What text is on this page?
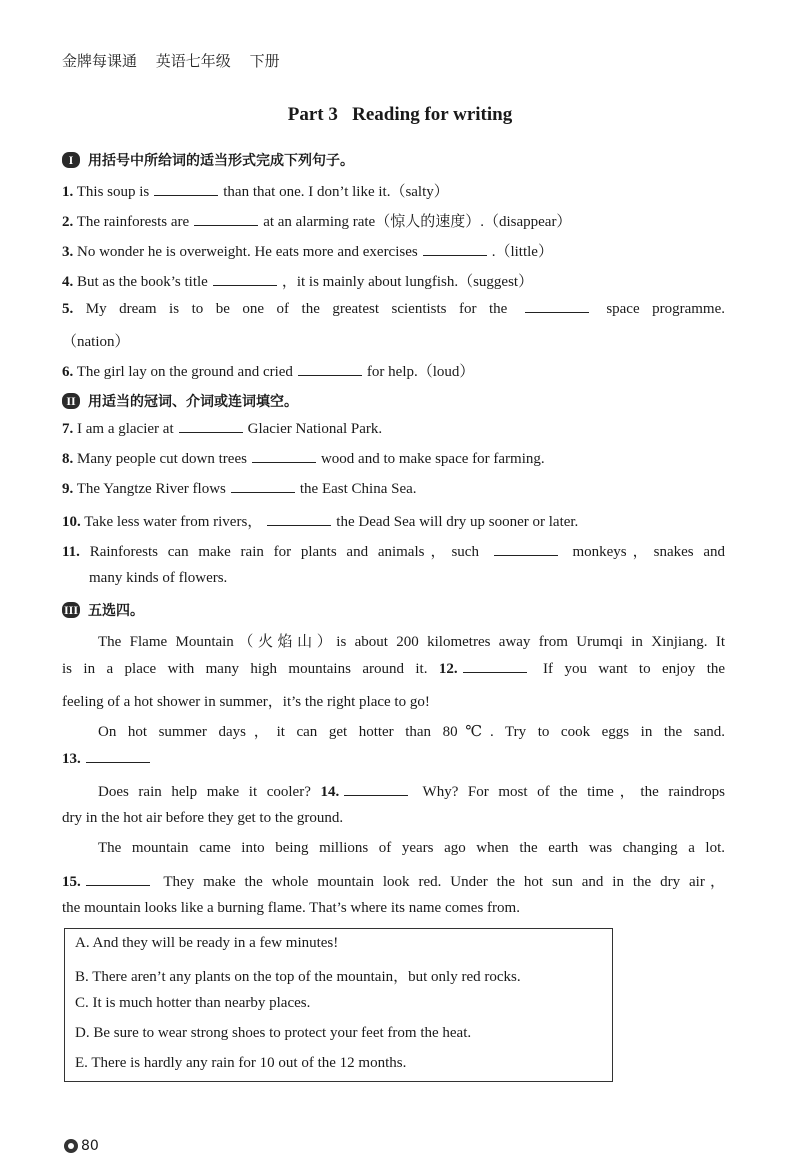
金牌每课通 英语七年级 下册
Part 3   Reading for writing
I	用括号中所给词的适当形式完成下列句子。
1. This soup is	than that one. I don’t like it.（salty）
2. The rainforests are	at an alarming rate（惊人的速度）.（disappear）
3. No wonder he is overweight. He eats more and exercises	.（little）
4. But as the book’s title	，it is mainly about lungfish.（suggest）
5. My dream is to be one of the greatest scientists for the	space programme.
（nation）
6. The girl lay on the ground and cried	for help.（loud）
II 用适当的冠词、介词或连词填空。
7. I am a glacier at	Glacier National Park.
8. Many people cut down trees	wood and to make space for farming.
9. The Yangtze River flows	the East China Sea.
10. Take less water from rivers，	the Dead Sea will dry up sooner or later.
11. Rainforests can make rain for plants and animals，such	monkeys，snakes and
many kinds of flowers.
III 五选四。
The Flame Mountain（火焰山）is about 200 kilometres away from Urumqi in Xinjiang. It
is in a place with many high mountains around it. 12.	If you want to enjoy the
feeling of a hot shower in summer，it’s the right place to go!
On hot summer days，it can get hotter than 80℃. Try to cook eggs in the sand.
13.
Does rain help make it cooler? 14.	Why? For most of the time，the raindrops
dry in the hot air before they get to the ground.
The mountain came into being millions of years ago when the earth was changing a lot.
15.	They make the whole mountain look red. Under the hot sun and in the dry air，
the mountain looks like a burning flame. That’s where its name comes from.
A. And they will be ready in a few minutes!
B. There aren’t any plants on the top of the mountain，but only red rocks.
C. It is much hotter than nearby places.
D. Be sure to wear strong shoes to protect your feet from the heat.
E. There is hardly any rain for 10 out of the 12 months.
80
